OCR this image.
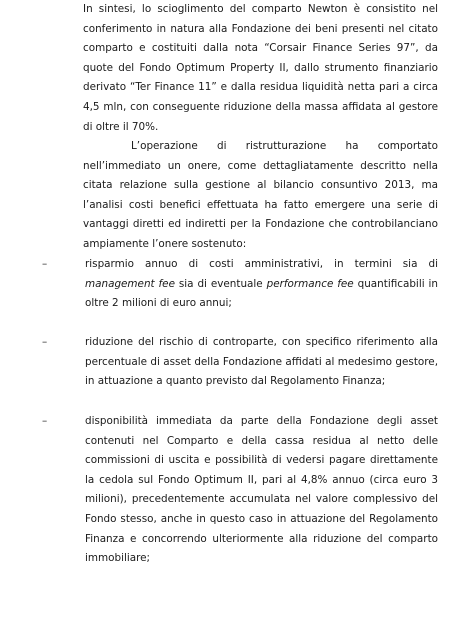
In sintesi, lo scioglimento del comparto Newton è consistito nel conferimento in natura alla Fondazione dei beni presenti nel citato comparto e costituiti dalla nota “Corsair Finance Series 97”, da quote del Fondo Optimum Property II, dallo strumento finanziario derivato “Ter Finance 11” e dalla residua liquidità netta pari a circa 4,5 mln, con conseguente riduzione della massa affidata al gestore di oltre il 70%.

L’operazione di ristrutturazione ha comportato nell’immediato un onere, come dettagliatamente descritto nella citata relazione sulla gestione al bilancio consuntivo 2013, ma l’analisi costi benefici effettuata ha fatto emergere una serie di vantaggi diretti ed indiretti per la Fondazione che controbilanciano ampiamente l’onere sostenuto:

–	risparmio annuo di costi amministrativi, in termini sia di management fee sia di eventuale performance fee quantificabili in oltre 2 milioni di euro annui;

–	riduzione del rischio di controparte, con specifico riferimento alla percentuale di asset della Fondazione affidati al medesimo gestore, in attuazione a quanto previsto dal Regolamento Finanza;

–	disponibilità immediata da parte della Fondazione degli asset contenuti nel Comparto e della cassa residua al netto delle commissioni di uscita e possibilità di vedersi pagare direttamente la cedola sul Fondo Optimum II, pari al 4,8% annuo (circa euro 3 milioni), precedentemente accumulata nel valore complessivo del Fondo stesso, anche in questo caso in attuazione del Regolamento Finanza e concorrendo ulteriormente alla riduzione del comparto immobiliare;
